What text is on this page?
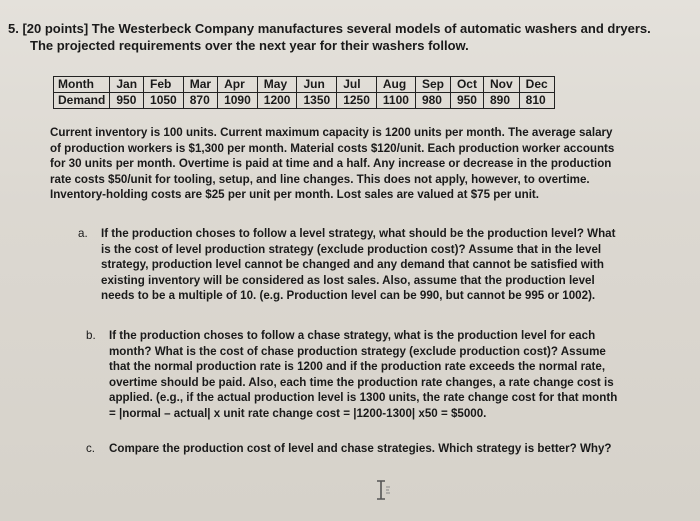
5. [20 points] The Westerbeck Company manufactures several models of automatic washers and dryers.
The projected requirements over the next year for their washers follow.
Month	Jan	Feb	Mar	Apr	May	Jun	Jul	Aug	Sep	Oct	Nov	Dec
Demand	950	1050	870	1090	1200	1350	1250	1100	980	950	890	810
Current inventory is 100 units. Current maximum capacity is 1200 units per month. The average salary of production workers is $1,300 per month. Material costs $120/unit. Each production worker accounts for 30 units per month. Overtime is paid at time and a half. Any increase or decrease in the production rate costs $50/unit for tooling, setup, and line changes. This does not apply, however, to overtime. Inventory-holding costs are $25 per unit per month. Lost sales are valued at $75 per unit.
a. If the production choses to follow a level strategy, what should be the production level? What is the cost of level production strategy (exclude production cost)? Assume that in the level strategy, production level cannot be changed and any demand that cannot be satisfied with existing inventory will be considered as lost sales. Also, assume that the production level needs to be a multiple of 10. (e.g. Production level can be 990, but cannot be 995 or 1002).
b. If the production choses to follow a chase strategy, what is the production level for each month? What is the cost of chase production strategy (exclude production cost)? Assume that the normal production rate is 1200 and if the production rate exceeds the normal rate, overtime should be paid. Also, each time the production rate changes, a rate change cost is applied. (e.g., if the actual production level is 1300 units, the rate change cost for that month = |normal – actual| x unit rate change cost = |1200-1300| x50 = $5000.
c. Compare the production cost of level and chase strategies. Which strategy is better? Why?
